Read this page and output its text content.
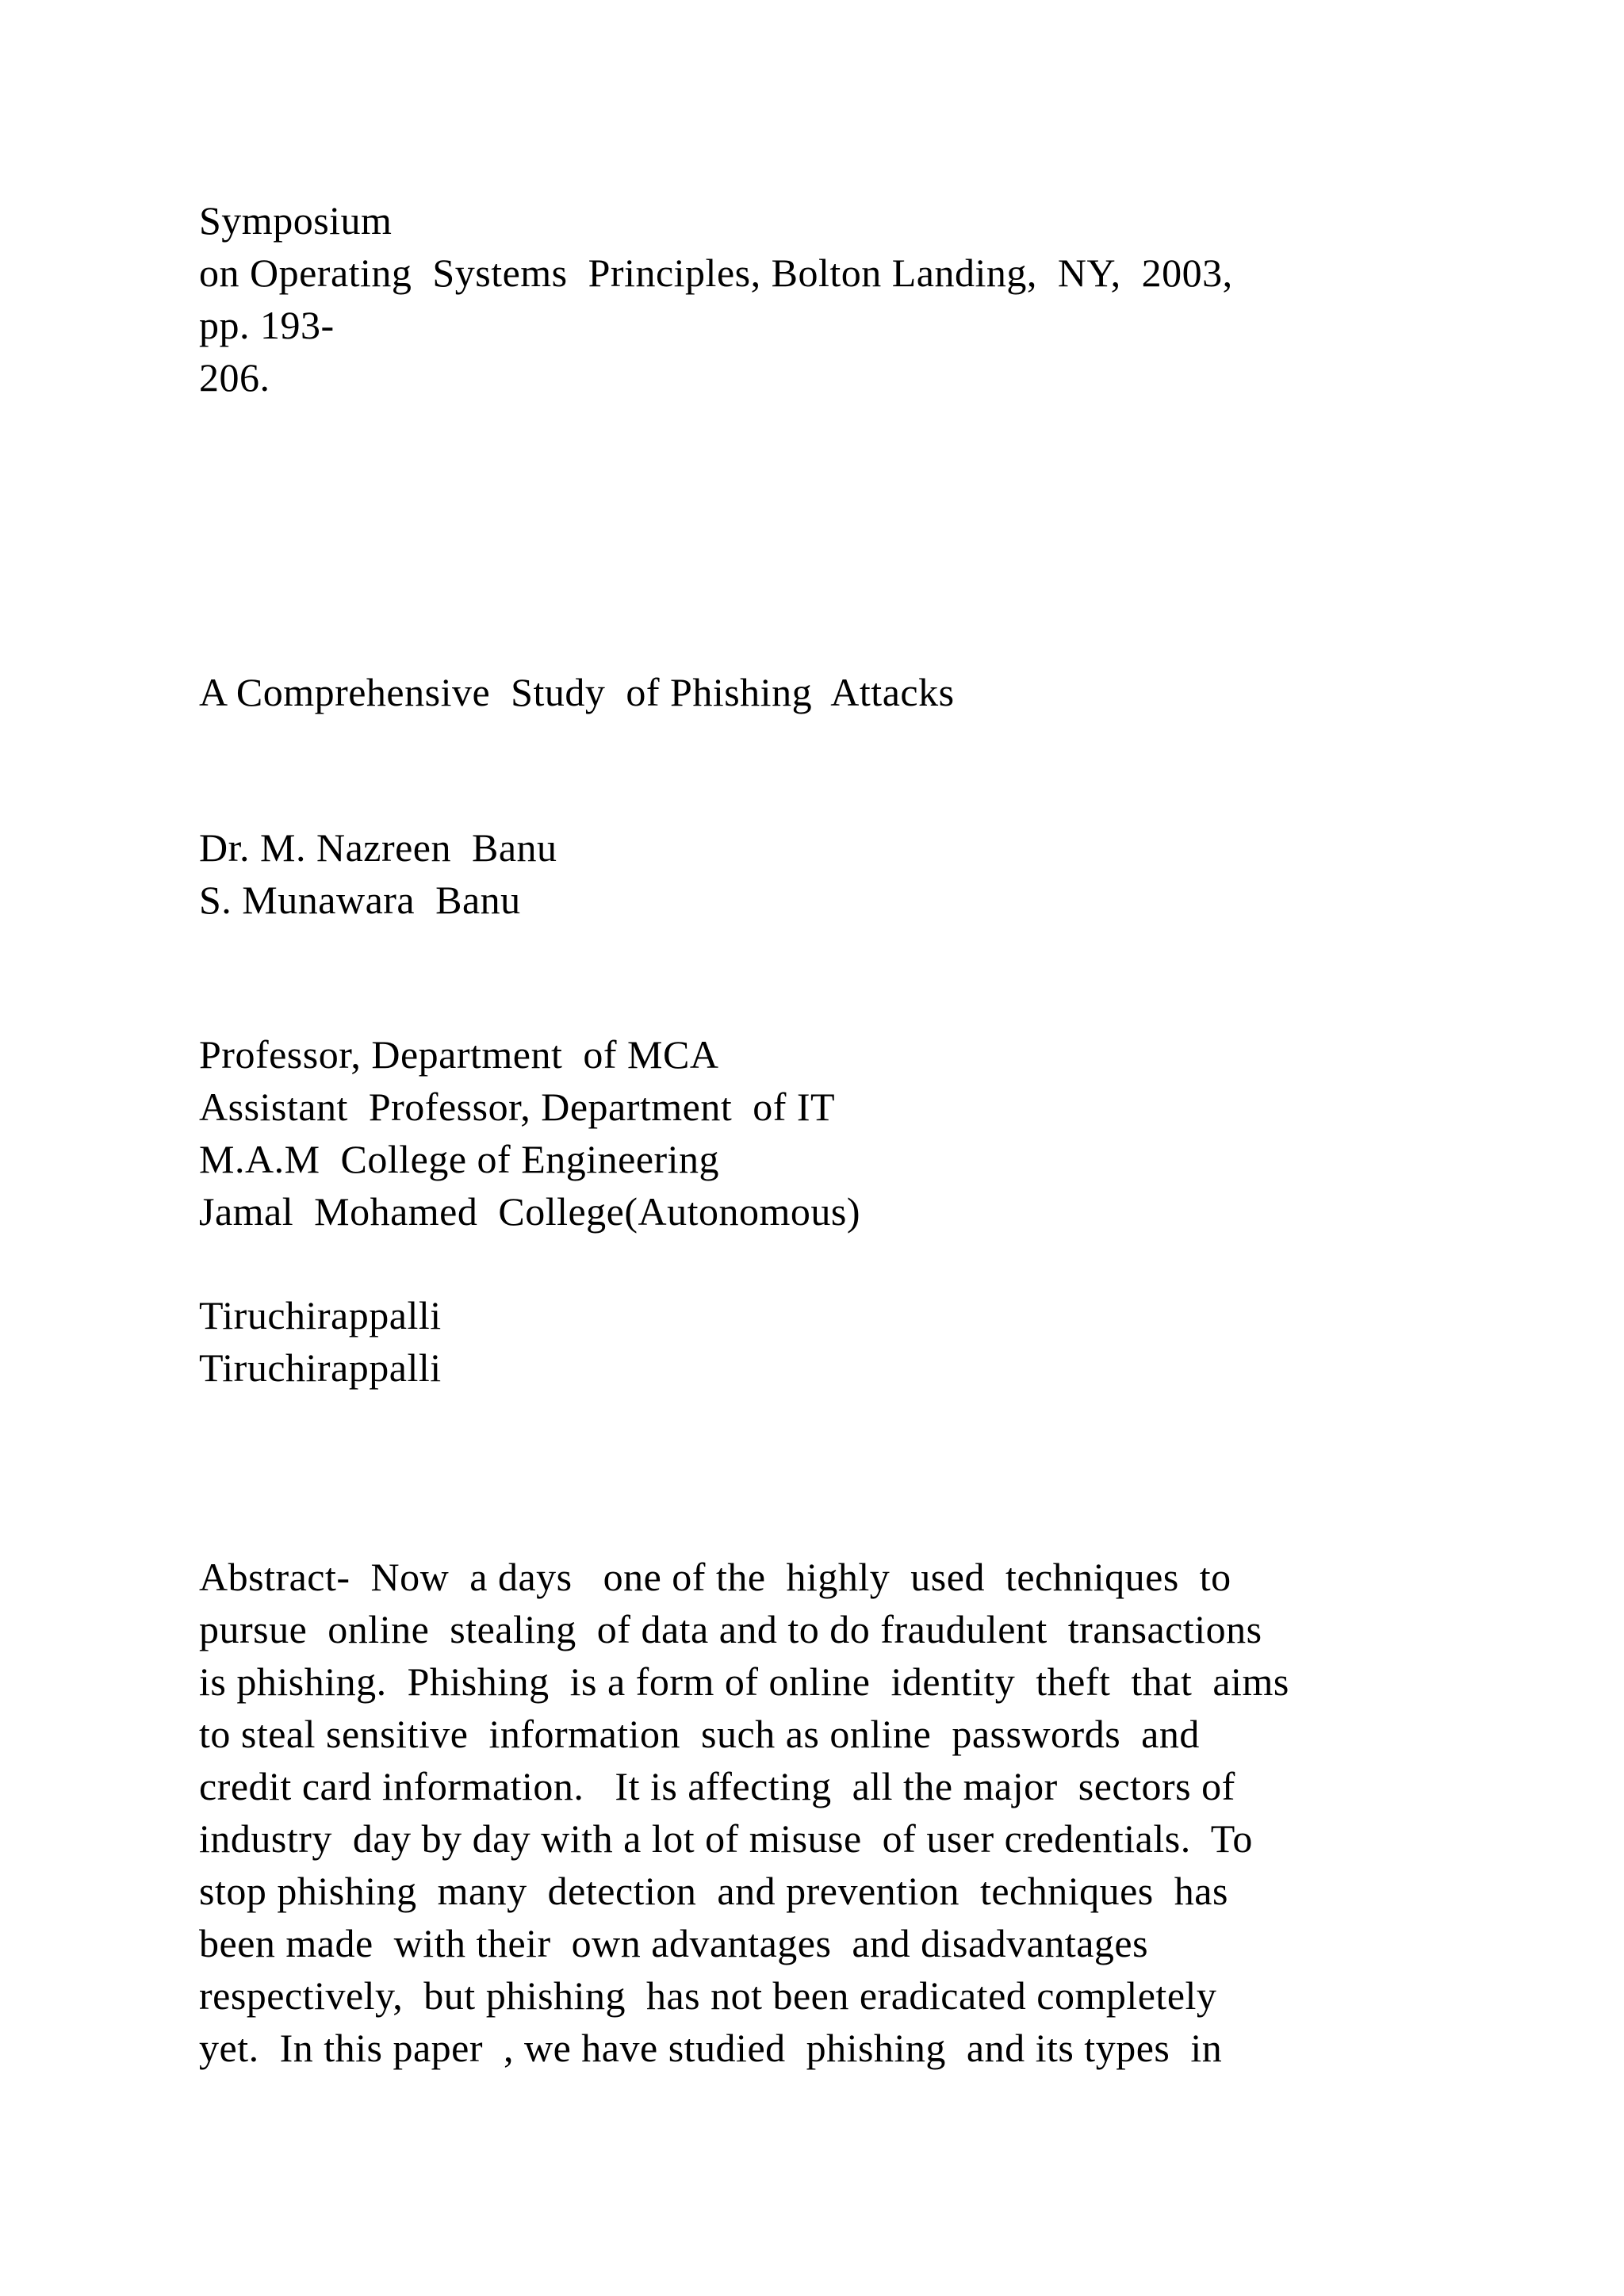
Symposium

on Operating  Systems  Principles, Bolton Landing,  NY,  2003,

pp. 193-

206.

A Comprehensive  Study  of Phishing  Attacks

Dr. M. Nazreen  Banu

S. Munawara  Banu

Professor, Department  of MCA

Assistant  Professor, Department  of IT

M.A.M  College of Engineering

Jamal  Mohamed  College(Autonomous)

Tiruchirappalli

Tiruchirappalli

Abstract-  Now  a days   one of the  highly  used  techniques  to

pursue  online  stealing  of data and to do fraudulent  transactions

is phishing.  Phishing  is a form of online  identity  theft  that  aims

to steal sensitive  information  such as online  passwords  and

credit card information.   It is affecting  all the major  sectors of

industry  day by day with a lot of misuse  of user credentials.  To

stop phishing  many  detection  and prevention  techniques  has

been made  with their  own advantages  and disadvantages

respectively,  but phishing  has not been eradicated completely

yet.  In this paper  , we have studied  phishing  and its types  in
